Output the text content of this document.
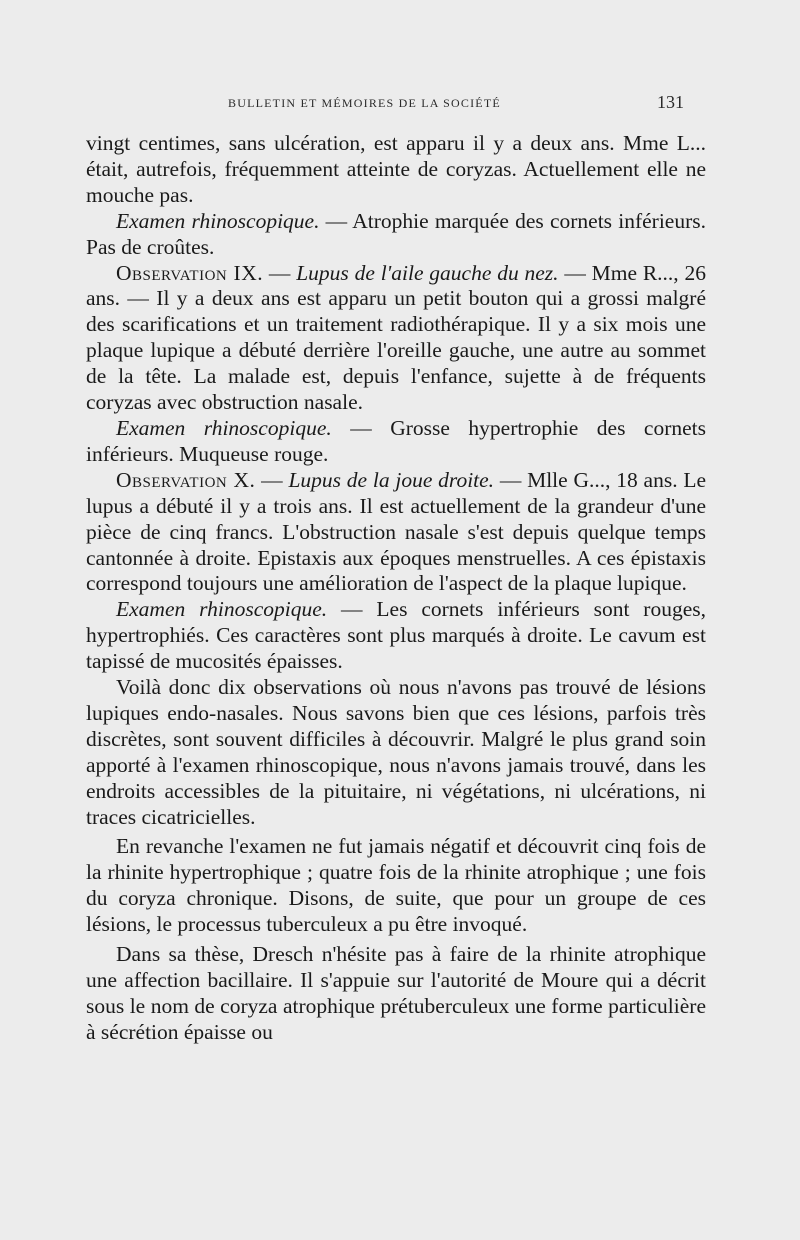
BULLETIN ET MÉMOIRES DE LA SOCIÉTÉ	131

vingt centimes, sans ulcération, est apparu il y a deux ans. Mme L... était, autrefois, fréquemment atteinte de coryzas. Actuellement elle ne mouche pas.

Examen rhinoscopique. — Atrophie marquée des cornets inférieurs. Pas de croûtes.

Observation IX. — Lupus de l'aile gauche du nez. — Mme R..., 26 ans. — Il y a deux ans est apparu un petit bouton qui a grossi malgré des scarifications et un traitement radiothérapique. Il y a six mois une plaque lupique a débuté derrière l'oreille gauche, une autre au sommet de la tête. La malade est, depuis l'enfance, sujette à de fréquents coryzas avec obstruction nasale.

Examen rhinoscopique. — Grosse hypertrophie des cornets inférieurs. Muqueuse rouge.

Observation X. — Lupus de la joue droite. — Mlle G..., 18 ans. Le lupus a débuté il y a trois ans. Il est actuellement de la grandeur d'une pièce de cinq francs. L'obstruction nasale s'est depuis quelque temps cantonnée à droite. Epistaxis aux époques menstruelles. A ces épistaxis correspond toujours une amélioration de l'aspect de la plaque lupique.

Examen rhinoscopique. — Les cornets inférieurs sont rouges, hypertrophiés. Ces caractères sont plus marqués à droite. Le cavum est tapissé de mucosités épaisses.

Voilà donc dix observations où nous n'avons pas trouvé de lésions lupiques endo-nasales. Nous savons bien que ces lésions, parfois très discrètes, sont souvent difficiles à découvrir. Malgré le plus grand soin apporté à l'examen rhinoscopique, nous n'avons jamais trouvé, dans les endroits accessibles de la pituitaire, ni végétations, ni ulcérations, ni traces cicatricielles.

En revanche l'examen ne fut jamais négatif et découvrit cinq fois de la rhinite hypertrophique ; quatre fois de la rhinite atrophique ; une fois du coryza chronique. Disons, de suite, que pour un groupe de ces lésions, le processus tuberculeux a pu être invoqué.

Dans sa thèse, Dresch n'hésite pas à faire de la rhinite atrophique une affection bacillaire. Il s'appuie sur l'autorité de Moure qui a décrit sous le nom de coryza atrophique prétuberculeux une forme particulière à sécrétion épaisse ou
